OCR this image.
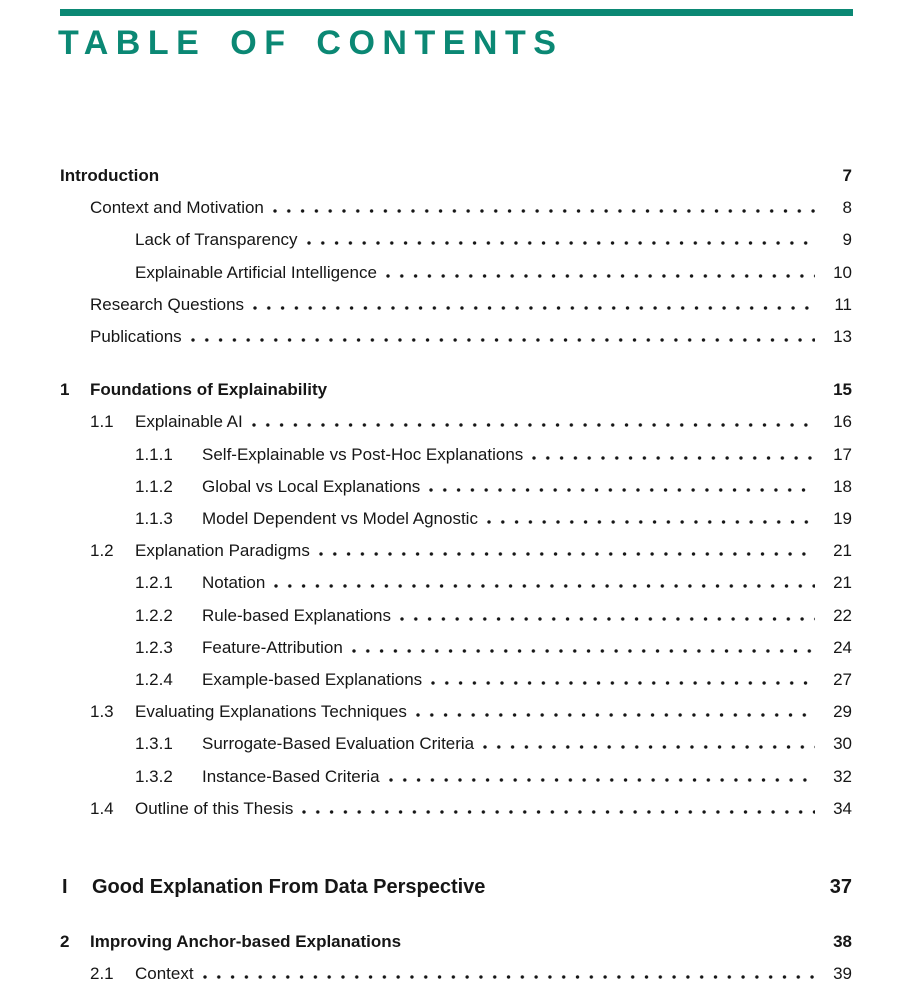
TABLE OF CONTENTS
Introduction	7
Context and Motivation	8
Lack of Transparency	9
Explainable Artificial Intelligence	10
Research Questions	11
Publications	13
1	Foundations of Explainability	15
1.1	Explainable AI	16
1.1.1	Self-Explainable vs Post-Hoc Explanations	17
1.1.2	Global vs Local Explanations	18
1.1.3	Model Dependent vs Model Agnostic	19
1.2	Explanation Paradigms	21
1.2.1	Notation	21
1.2.2	Rule-based Explanations	22
1.2.3	Feature-Attribution	24
1.2.4	Example-based Explanations	27
1.3	Evaluating Explanations Techniques	29
1.3.1	Surrogate-Based Evaluation Criteria	30
1.3.2	Instance-Based Criteria	32
1.4	Outline of this Thesis	34
I	Good Explanation From Data Perspective	37
2	Improving Anchor-based Explanations	38
2.1	Context	39
